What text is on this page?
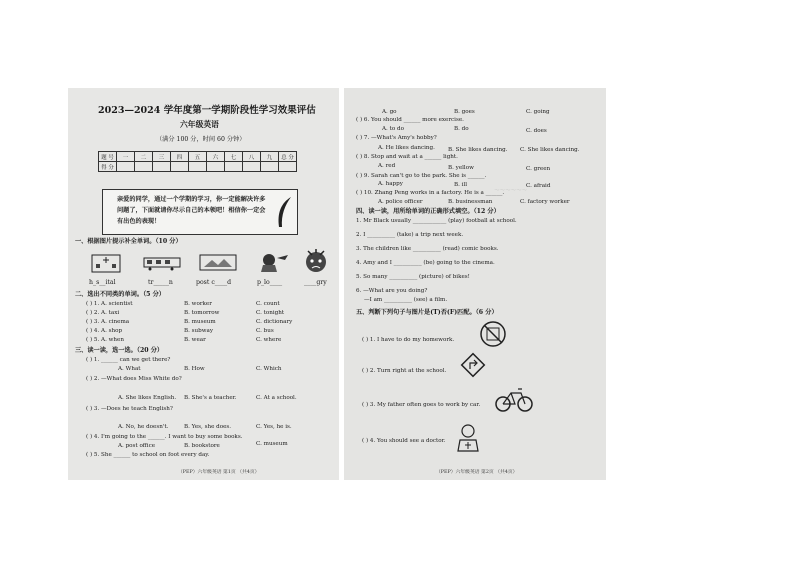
2023—2024 学年度第一学期阶段性学习效果评估
六年级英语
（满分 100 分，时间 60 分钟）
题 号	一	二	三	四	五	六	七	八	九	总 分
得 分										
亲爱的同学，通过一个学期的学习，你一定能解决许多
问题了，下面就请你尽示自己的本领吧！相信你一定会
有出色的表现！
一、根据图片提示补全单词。（10 分）
h_s__ital	tr_____n	post c____d	p_lo____	____gry
二、选出不同类的单词。（5 分）
( ) 1. A. scientist	B. worker	C. count
( ) 2. A. taxi	B. tomorrow	C. tonight
( ) 3. A. cinema	B. museum	C. dictionary
( ) 4. A. shop	B. subway	C. bus
( ) 5. A. when	B. wear	C. where
三、读一读，选一选。（20 分）
( ) 1. ______ can we get there?
A. What	B. How	C. Which
( ) 2. —What does Miss White do?
A. She likes English. B. She's a teacher.	C. At a school.
( ) 3. —Does he teach English?
A. No, he doesn't.	B. Yes, she does.	C. Yes, he is.
( ) 4. I'm going to the ______. I want to buy some books.
A. post office	B. bookstore	C. museum
( ) 5. She ______ to school on foot every day.
（PEP）六年级英语 第1页 （共4页）
～～～～～～
A. go	B. goes	C. going
( ) 6. You should ______ more exercise.
A. to do	B. do	C. does
( ) 7. —What's Amy's hobby?
A. He likes dancing. B. She likes dancing. C. She likes dancing.
( ) 8. Stop and wait at a ______ light.
A. red	B. yellow	C. green
( ) 9. Sarah can't go to the park. She is ______.
A. happy	B. ill	C. afraid
( ) 10. Zhang Peng works in a factory. He is a ______.
A. police officer	B. businessman	C. factory worker
四、读一读，用所给单词的正确形式填空。（12 分）
1. Mr Black usually ____________ (play) football at school.
2. I __________ (take) a trip next week.
3. The children like __________ (read) comic books.
4. Amy and I __________ (be) going to the cinema.
5. So many __________ (picture) of bikes!
6. —What are you doing?
—I am __________ (see) a film.
五、判断下列句子与图片是(T)否(F)匹配。（6 分）
( ) 1. I have to do my homework.
( ) 2. Turn right at the school.
( ) 3. My father often goes to work by car.
( ) 4. You should see a doctor.
（PEP）六年级英语 第2页 （共4页）
